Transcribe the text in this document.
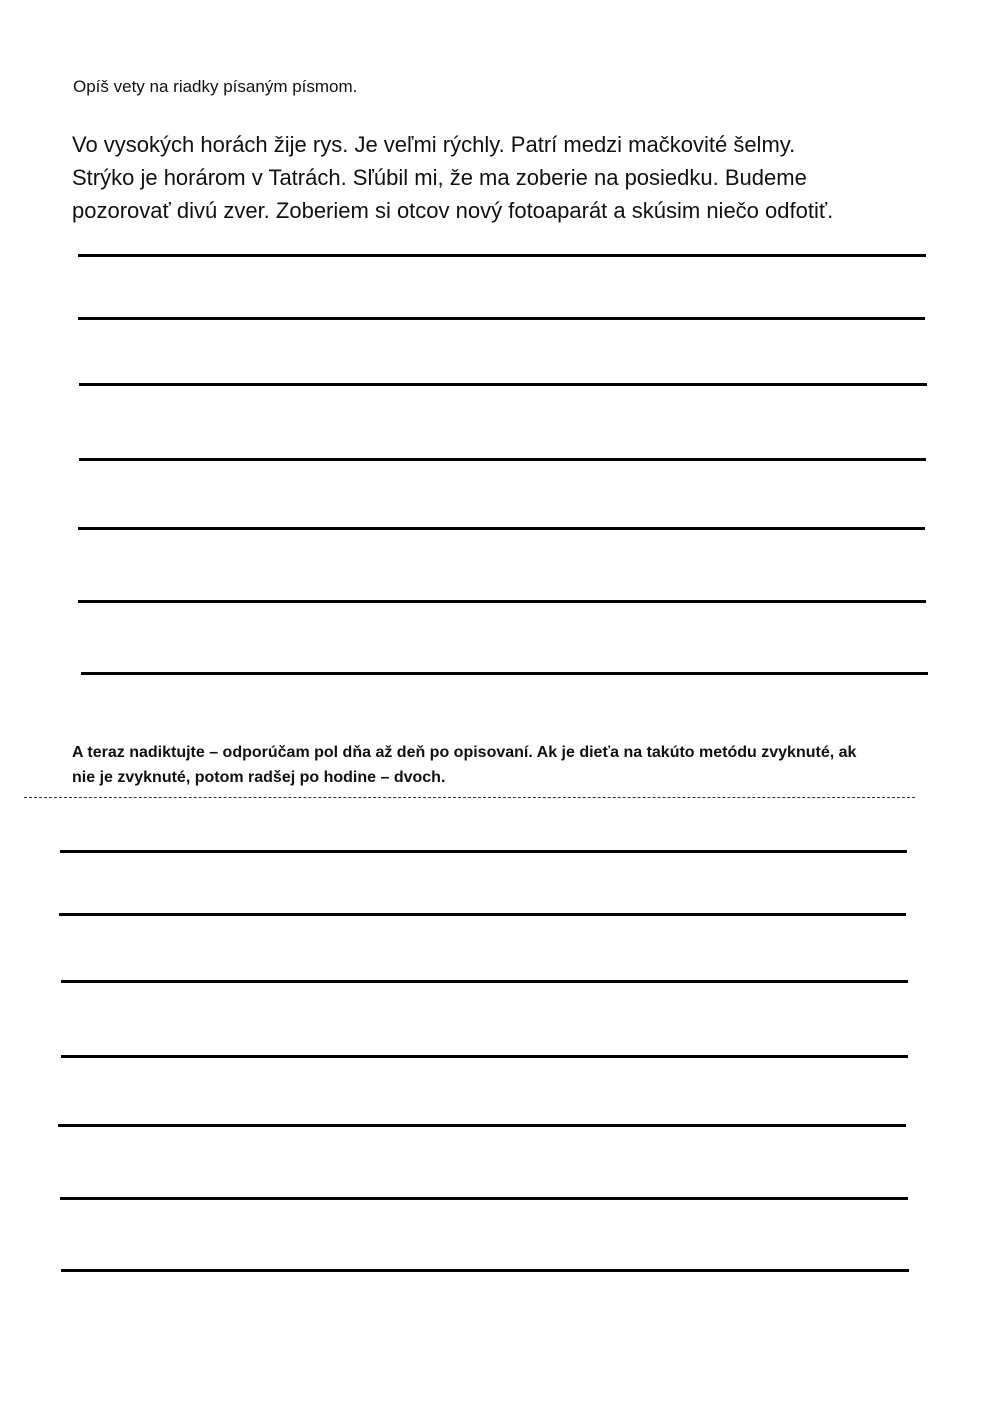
Opíš vety na riadky písaným písmom.

Vo vysokých horách žije rys. Je veľmi rýchly. Patrí medzi mačkovité šelmy.
Strýko je horárom v Tatrách. Sľúbil mi, že ma zoberie na posiedku. Budeme
pozorovať divú zver. Zoberiem si otcov nový fotoaparát a skúsim niečo odfotiť.

A teraz nadiktujte – odporúčam pol dňa až deň po opisovaní. Ak je dieťa na takúto metódu zvyknuté, ak
nie je zvyknuté, potom radšej po hodine – dvoch.
